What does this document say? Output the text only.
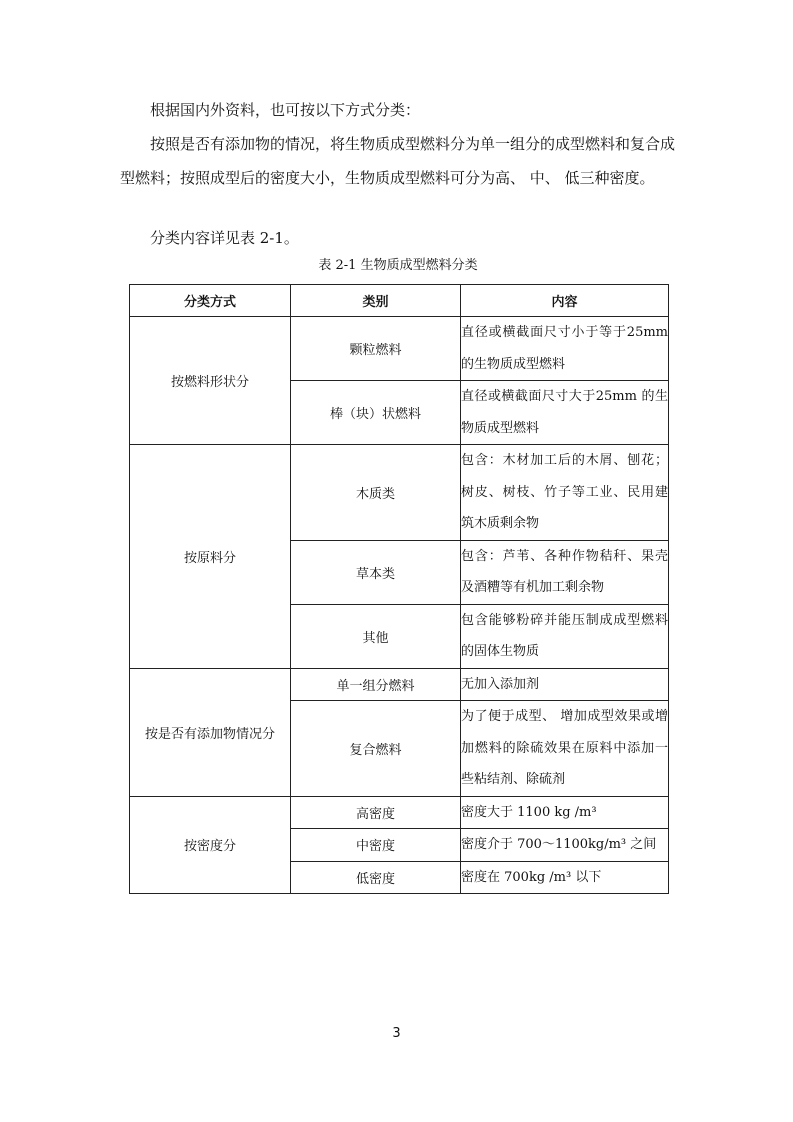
根据国内外资料，也可按以下方式分类：

按照是否有添加物的情况，将生物质成型燃料分为单一组分的成型燃料和复合成型燃料；按照成型后的密度大小，生物质成型燃料可分为高、 中、 低三种密度。

分类内容详见表 2-1。

表 2-1 生物质成型燃料分类
分类方式	类别	内容
按燃料形状分	颗粒燃料	直径或横截面尺寸小于等于25mm 的生物质成型燃料
	棒（块）状燃料	直径或横截面尺寸大于25mm 的生物质成型燃料
按原料分	木质类	包含：木材加工后的木屑、刨花；树皮、树枝、竹子等工业、民用建筑木质剩余物
	草本类	包含：芦苇、各种作物秸秆、果壳及酒糟等有机加工剩余物
	其他	包含能够粉碎并能压制成成型燃料的固体生物质
按是否有添加物情况分	单一组分燃料	无加入添加剂
	复合燃料	为了便于成型、 增加成型效果或增加燃料的除硫效果在原料中添加一些粘结剂、除硫剂
按密度分	高密度	密度大于 1100 kg /m³
	中密度	密度介于 700～1100kg/m³ 之间
	低密度	密度在 700kg /m³ 以下
3
